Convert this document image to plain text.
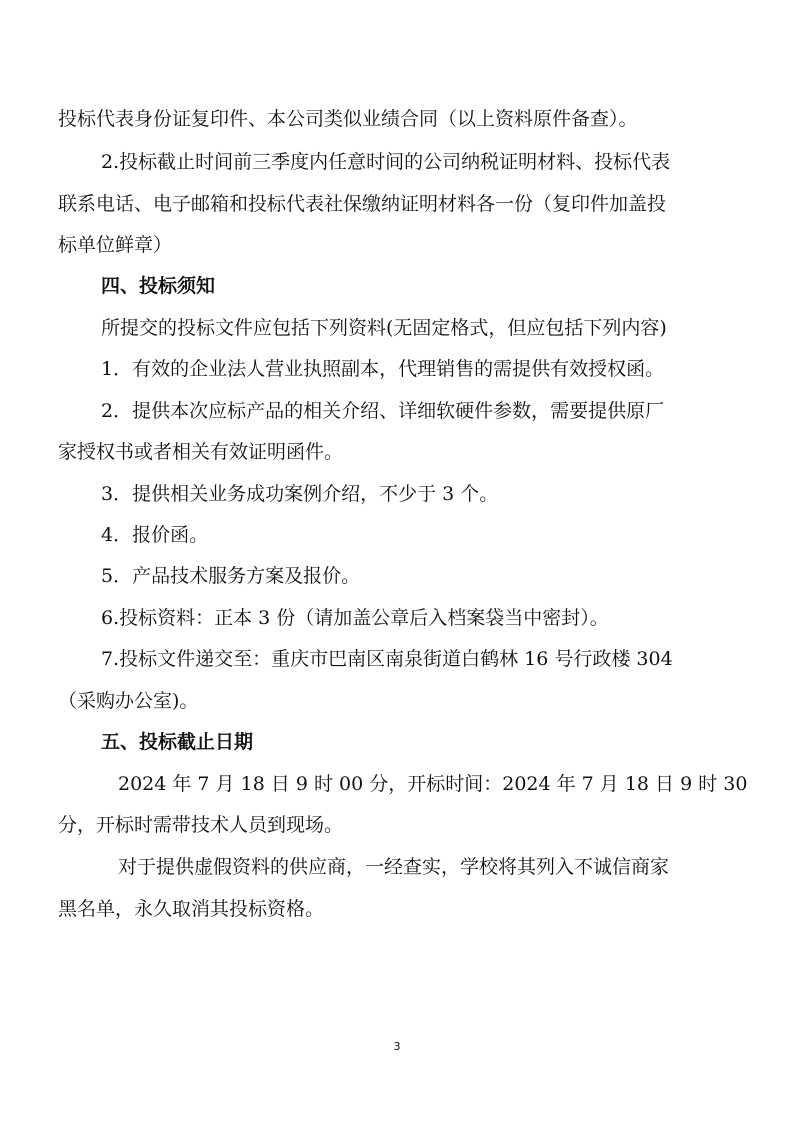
投标代表身份证复印件、本公司类似业绩合同（以上资料原件备查）。
2.投标截止时间前三季度内任意时间的公司纳税证明材料、投标代表
联系电话、电子邮箱和投标代表社保缴纳证明材料各一份（复印件加盖投
标单位鲜章）
四、投标须知
所提交的投标文件应包括下列资料(无固定格式，但应包括下列内容)
1．有效的企业法人营业执照副本，代理销售的需提供有效授权函。
2．提供本次应标产品的相关介绍、详细软硬件参数，需要提供原厂
家授权书或者相关有效证明函件。
3．提供相关业务成功案例介绍，不少于 3 个。
4．报价函。
5．产品技术服务方案及报价。
6.投标资料：正本 3 份（请加盖公章后入档案袋当中密封）。
7.投标文件递交至：重庆市巴南区南泉街道白鹤林 16 号行政楼 304
（采购办公室)。
五、投标截止日期
2024 年 7 月 18 日 9 时 00 分，开标时间：2024 年 7 月 18 日 9 时 30
分，开标时需带技术人员到现场。
对于提供虚假资料的供应商，一经查实，学校将其列入不诚信商家
黑名单，永久取消其投标资格。
3
